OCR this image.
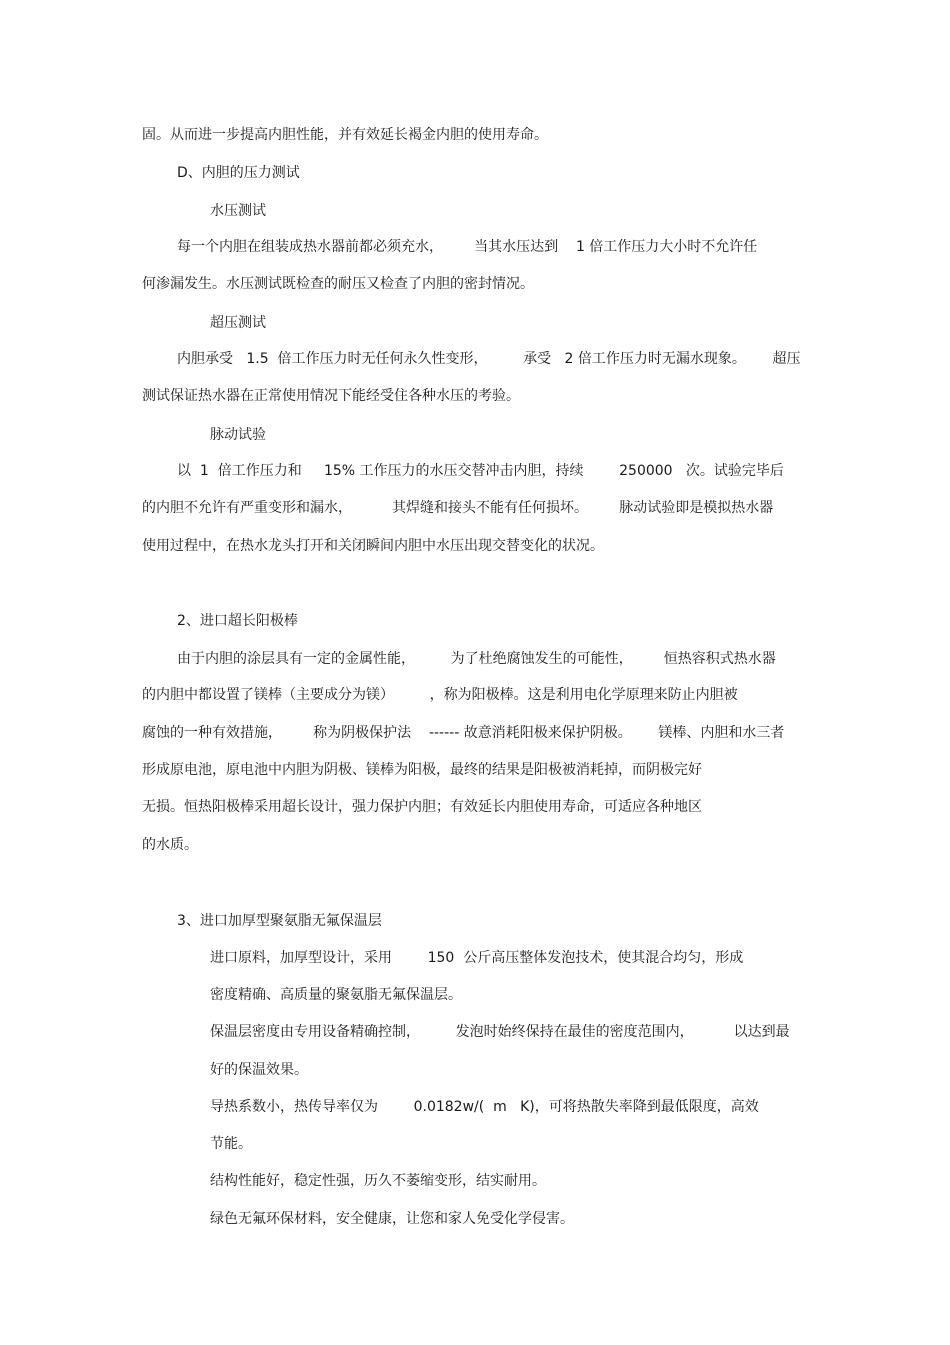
固。从而进一步提高内胆性能，并有效延长褐金内胆的使用寿命。

D、内胆的压力测试

水压测试

每一个内胆在组装成热水器前都必须充水，       当其水压达到    1 倍工作压力大小时不允许任

何渗漏发生。水压测试既检查的耐压又检查了内胆的密封情况。

超压测试

内胆承受   1.5  倍工作压力时无任何永久性变形，        承受   2 倍工作压力时无漏水现象。      超压

测试保证热水器在正常使用情况下能经受住各种水压的考验。

脉动试验

以  1  倍工作压力和     15% 工作压力的水压交替冲击内胆，持续        250000   次。试验完毕后

的内胆不允许有严重变形和漏水，         其焊缝和接头不能有任何损坏。       脉动试验即是模拟热水器

使用过程中，在热水龙头打开和关闭瞬间内胆中水压出现交替变化的状况。

2、进口超长阳极棒

由于内胆的涂层具有一定的金属性能，        为了杜绝腐蚀发生的可能性，       恒热容积式热水器

的内胆中都设置了镁棒（主要成分为镁）        ，称为阳极棒。这是利用电化学原理来防止内胆被

腐蚀的一种有效措施，       称为阴极保护法    ------ 故意消耗阳极来保护阴极。      镁棒、内胆和水三者

形成原电池，原电池中内胆为阴极、镁棒为阳极，最终的结果是阳极被消耗掉，而阴极完好

无损。恒热阳极棒采用超长设计，强力保护内胆；有效延长内胆使用寿命，可适应各种地区

的水质。

3、进口加厚型聚氨脂无氟保温层

进口原料，加厚型设计，采用        150  公斤高压整体发泡技术，使其混合均匀，形成

密度精确、高质量的聚氨脂无氟保温层。

保温层密度由专用设备精确控制，        发泡时始终保持在最佳的密度范围内，         以达到最

好的保温效果。

导热系数小，热传导率仅为        0.0182w/(  m   K)，可将热散失率降到最低限度，高效

节能。

结构性能好，稳定性强，历久不萎缩变形，结实耐用。

绿色无氟环保材料，安全健康，让您和家人免受化学侵害。
